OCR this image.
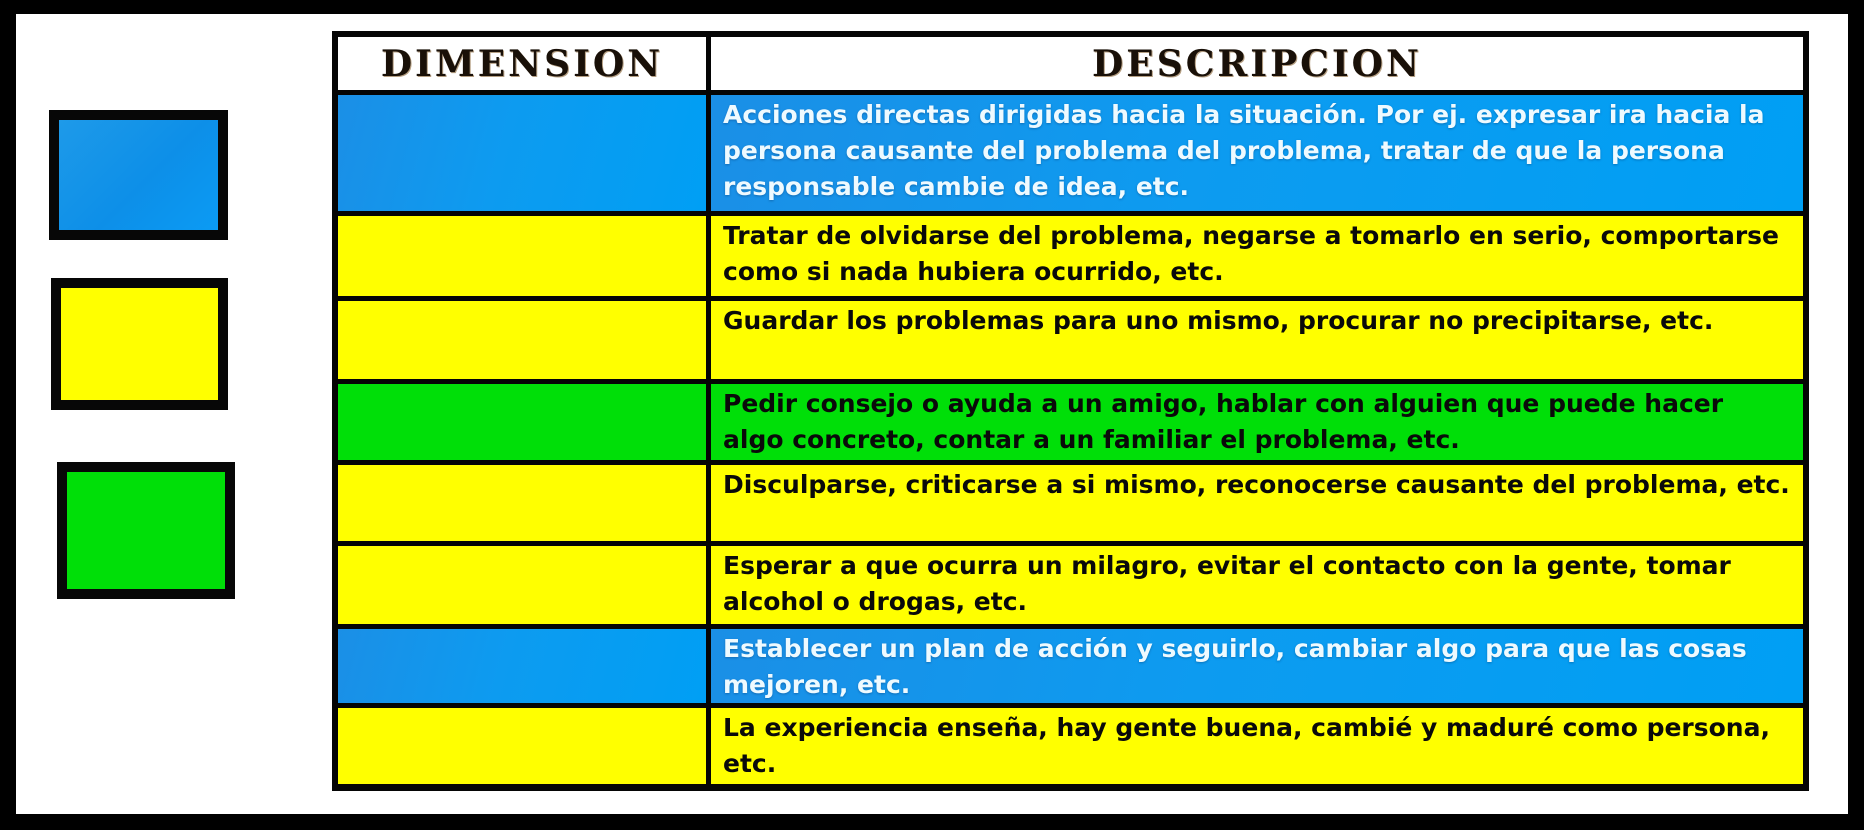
DIMENSION	DESCRIPCION
Acciones directas dirigidas hacia la situación. Por ej. expresar ira hacia la persona causante del problema del problema, tratar de que la persona responsable cambie de idea, etc.
Tratar de olvidarse del problema, negarse a tomarlo en serio, comportarse como si nada hubiera ocurrido, etc.
Guardar los problemas para uno mismo, procurar no precipitarse, etc.
Pedir consejo o ayuda a un amigo, hablar con alguien que puede hacer algo concreto, contar a un familiar el problema, etc.
Disculparse, criticarse a si mismo, reconocerse causante del problema, etc.
Esperar a que ocurra un milagro, evitar el contacto con la gente, tomar alcohol o drogas, etc.
Establecer un plan de acción y seguirlo, cambiar algo para que las cosas mejoren, etc.
La experiencia enseña, hay gente buena, cambié y maduré como persona, etc.
